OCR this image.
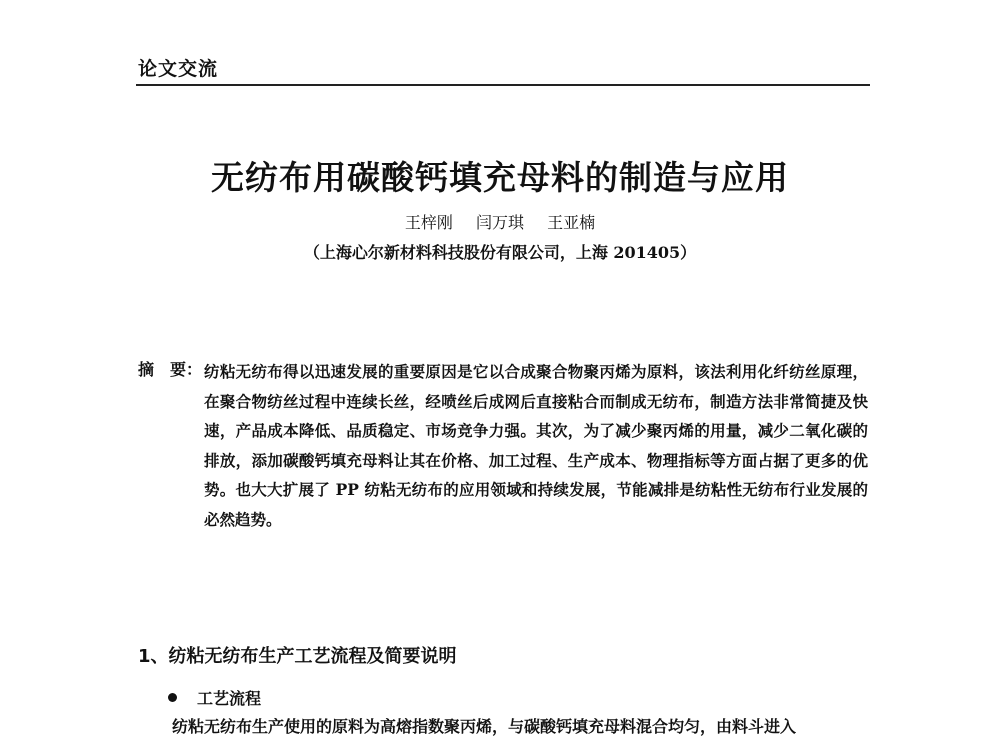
论文交流
无纺布用碳酸钙填充母料的制造与应用
王梓刚 闫万琪 王亚楠
（上海心尔新材料科技股份有限公司，上海 201405）
摘　要： 纺粘无纺布得以迅速发展的重要原因是它以合成聚合物聚丙烯为原料，该法利用化纤纺丝原理，在聚合物纺丝过程中连续长丝，经喷丝后成网后直接粘合而制成无纺布，制造方法非常简捷及快速，产品成本降低、品质稳定、市场竞争力强。其次，为了减少聚丙烯的用量，减少二氧化碳的排放，添加碳酸钙填充母料让其在价格、加工过程、生产成本、物理指标等方面占据了更多的优势。也大大扩展了 PP 纺粘无纺布的应用领域和持续发展，节能减排是纺粘性无纺布行业发展的必然趋势。
1、纺粘无纺布生产工艺流程及简要说明
工艺流程
纺粘无纺布生产使用的原料为高熔指数聚丙烯，与碳酸钙填充母料混合均匀，由料斗进入
